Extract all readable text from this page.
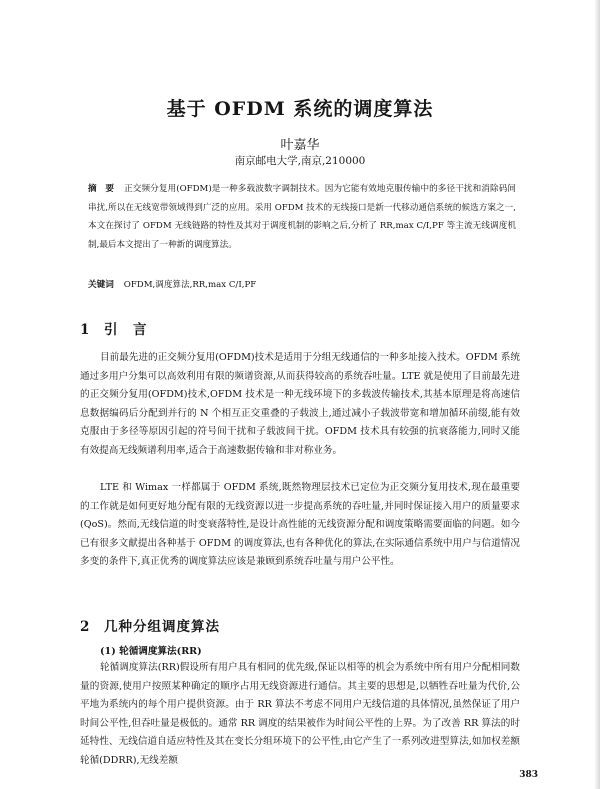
基于 OFDM 系统的调度算法
叶嘉华
南京邮电大学,南京,210000
摘　要 正交频分复用(OFDM)是一种多载波数字调制技术。因为它能有效地克服传输中的多径干扰和消除码间串扰,所以在无线宽带领域得到广泛的应用。采用 OFDM 技术的无线接口是新一代移动通信系统的候选方案之一,本文在探讨了 OFDM 无线链路的特性及其对于调度机制的影响之后,分析了 RR,max C/I,PF 等主流无线调度机制,最后本文提出了一种新的调度算法。
关键词 OFDM,调度算法,RR,max C/I,PF
1 引　言
目前最先进的正交频分复用(OFDM)技术是适用于分组无线通信的一种多址接入技术。OFDM 系统通过多用户分集可以高效利用有限的频谱资源,从而获得较高的系统吞吐量。LTE 就是使用了目前最先进的正交频分复用(OFDM)技术,OFDM 技术是一种无线环境下的多载波传输技术,其基本原理是将高速信息数据编码后分配到并行的 N 个相互正交重叠的子载波上,通过减小子载波带宽和增加循环前缀,能有效克服由于多径等原因引起的符号间干扰和子载波间干扰。OFDM 技术具有较强的抗衰落能力,同时又能有效提高无线频谱利用率,适合于高速数据传输和非对称业务。
LTE 和 Wimax 一样都属于 OFDM 系统,既然物理层技术已定位为正交频分复用技术,现在最重要的工作就是如何更好地分配有限的无线资源以进一步提高系统的吞吐量,并同时保证接入用户的质量要求(QoS)。然而,无线信道的时变衰落特性,是设计高性能的无线资源分配和调度策略需要面临的问题。如今已有很多文献提出各种基于 OFDM 的调度算法,也有各种优化的算法,在实际通信系统中用户与信道情况多变的条件下,真正优秀的调度算法应该是兼顾到系统吞吐量与用户公平性。
2 几种分组调度算法
(1) 轮循调度算法(RR)
轮循调度算法(RR)假设所有用户具有相同的优先级,保证以相等的机会为系统中所有用户分配相同数量的资源,使用户按照某种确定的顺序占用无线资源进行通信。其主要的思想是,以牺牲吞吐量为代价,公平地为系统内的每个用户提供资源。由于 RR 算法不考虑不同用户无线信道的具体情况,虽然保证了用户时间公平性,但吞吐量是极低的。通常 RR 调度的结果被作为时间公平性的上界。为了改善 RR 算法的时延特性、无线信道自适应特性及其在变长分组环境下的公平性,由它产生了一系列改进型算法,如加权差额轮循(DDRR),无线差额
383
